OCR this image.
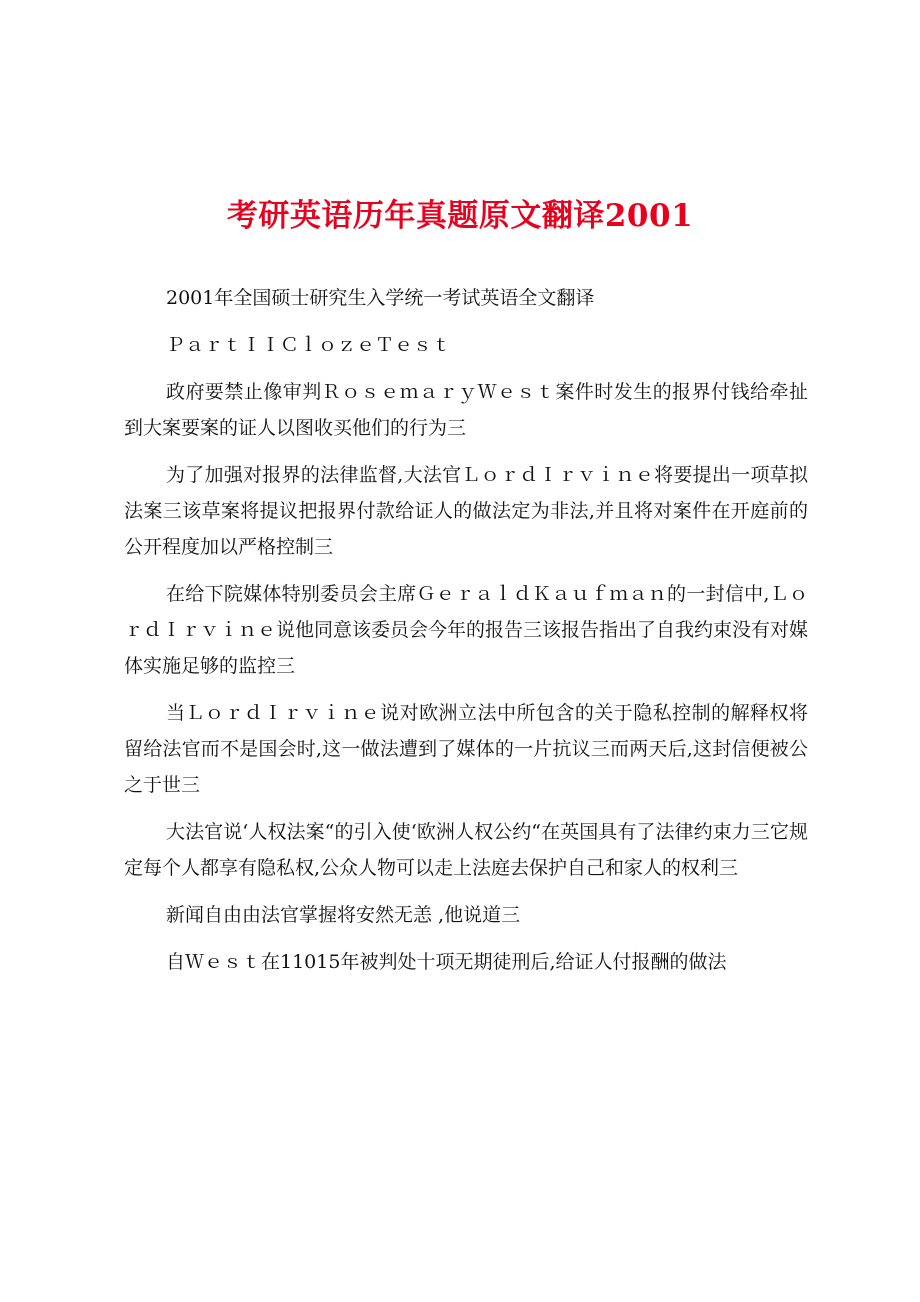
考研英语历年真题原文翻译2001

2001年全国硕士研究生入学统一考试英语全文翻译

ＰａｒｔＩＩＣｌｏｚｅＴｅｓｔ

政府要禁止像审判ＲｏｓｅｍａｒｙＷｅｓｔ案件时发生的报界付钱给牵扯到大案要案的证人以图收买他们的行为三

为了加强对报界的法律监督,大法官ＬｏｒｄＩｒｖｉｎｅ将要提出一项草拟法案三该草案将提议把报界付款给证人的做法定为非法,并且将对案件在开庭前的公开程度加以严格控制三

在给下院媒体特别委员会主席ＧｅｒａｌｄＫａｕｆｍａｎ的一封信中,ＬｏｒｄＩｒｖｉｎｅ说他同意该委员会今年的报告三该报告指出了自我约束没有对媒体实施足够的监控三

当ＬｏｒｄＩｒｖｉｎｅ说对欧洲立法中所包含的关于隐私控制的解释权将留给法官而不是国会时,这一做法遭到了媒体的一片抗议三而两天后,这封信便被公之于世三

大法官说‘人权法案“的引入使‘欧洲人权公约“在英国具有了法律约束力三它规定每个人都享有隐私权,公众人物可以走上法庭去保护自己和家人的权利三

新闻自由由法官掌握将安然无恙 ,他说道三

自Ｗｅｓｔ在11015年被判处十项无期徒刑后,给证人付报酬的做法
